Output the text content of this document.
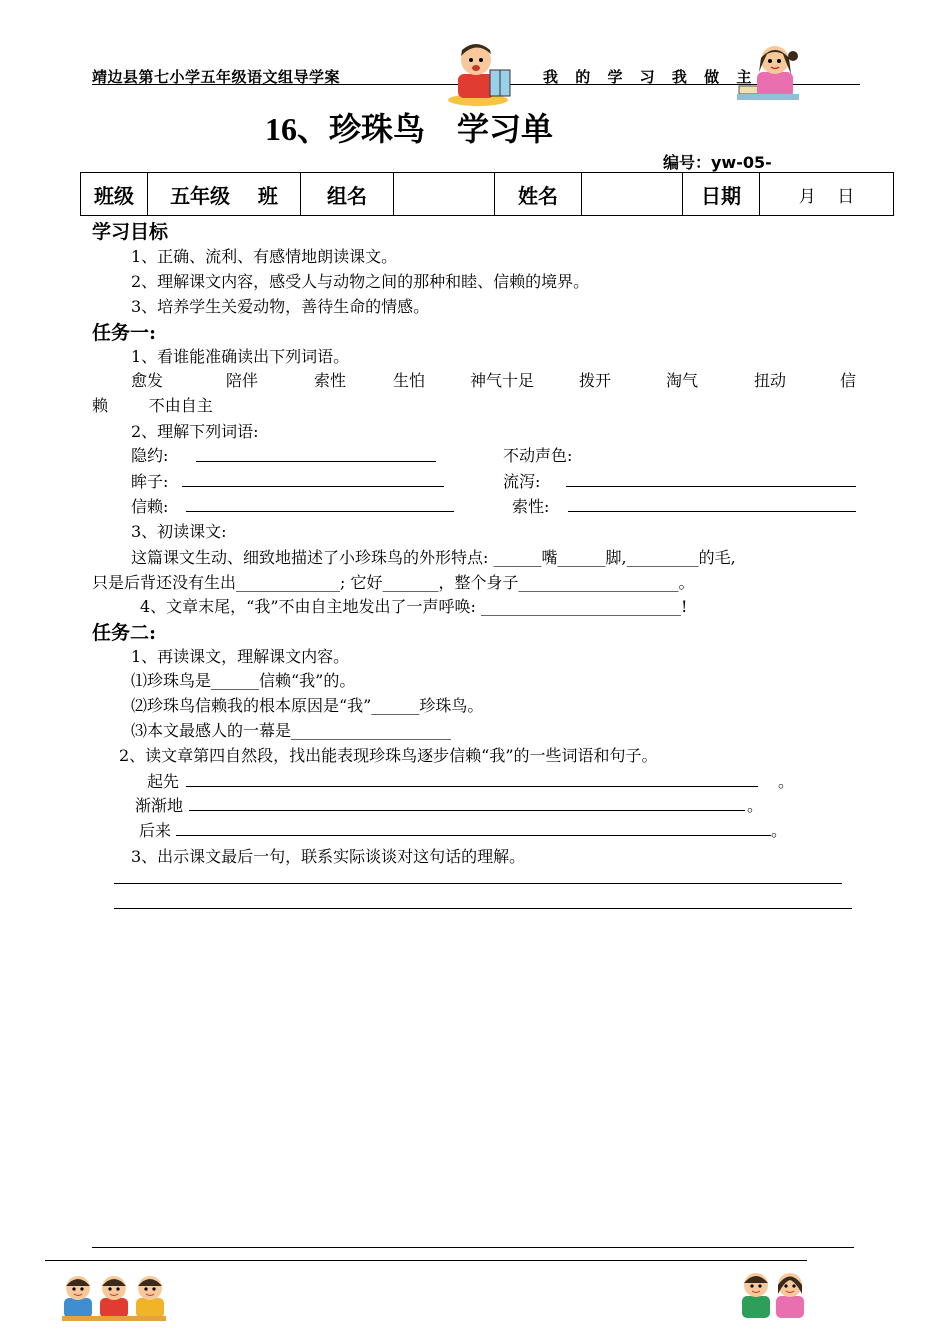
靖边县第七小学五年级语文组导学案	我 的 学 习 我 做 主
16、珍珠鸟    学习单
编号：yw-05-
班级	五年级    班	组名		姓名		日期	月    日
学习目标
1、正确、流利、有感情地朗读课文。
2、理解课文内容，感受人与动物之间的那种和睦、信赖的境界。
3、培养学生关爱动物，善待生命的情感。
任务一:
1、看谁能准确读出下列词语。
愈发	陪伴	索性	生怕	神气十足	拨开	淘气	扭动	信
赖        不由自主
2、理解下列词语:
隐约:	不动声色:
眸子:	流泻:
信赖:	索性:
3、初读课文:
这篇课文生动、细致地描述了小珍珠鸟的外形特点: ______嘴______脚,_________的毛,
只是后背还没有生出_____________; 它好_______，整个身子____________________。
4、文章末尾，“我”不由自主地发出了一声呼唤: _________________________!
任务二:
1、再读课文，理解课文内容。
⑴珍珠鸟是______信赖“我”的。
⑵珍珠鸟信赖我的根本原因是“我”______珍珠鸟。
⑶本文最感人的一幕是____________________
2、读文章第四自然段，找出能表现珍珠鸟逐步信赖“我”的一些词语和句子。
起先	。
渐渐地	。
后来	。
3、出示课文最后一句，联系实际谈谈对这句话的理解。
